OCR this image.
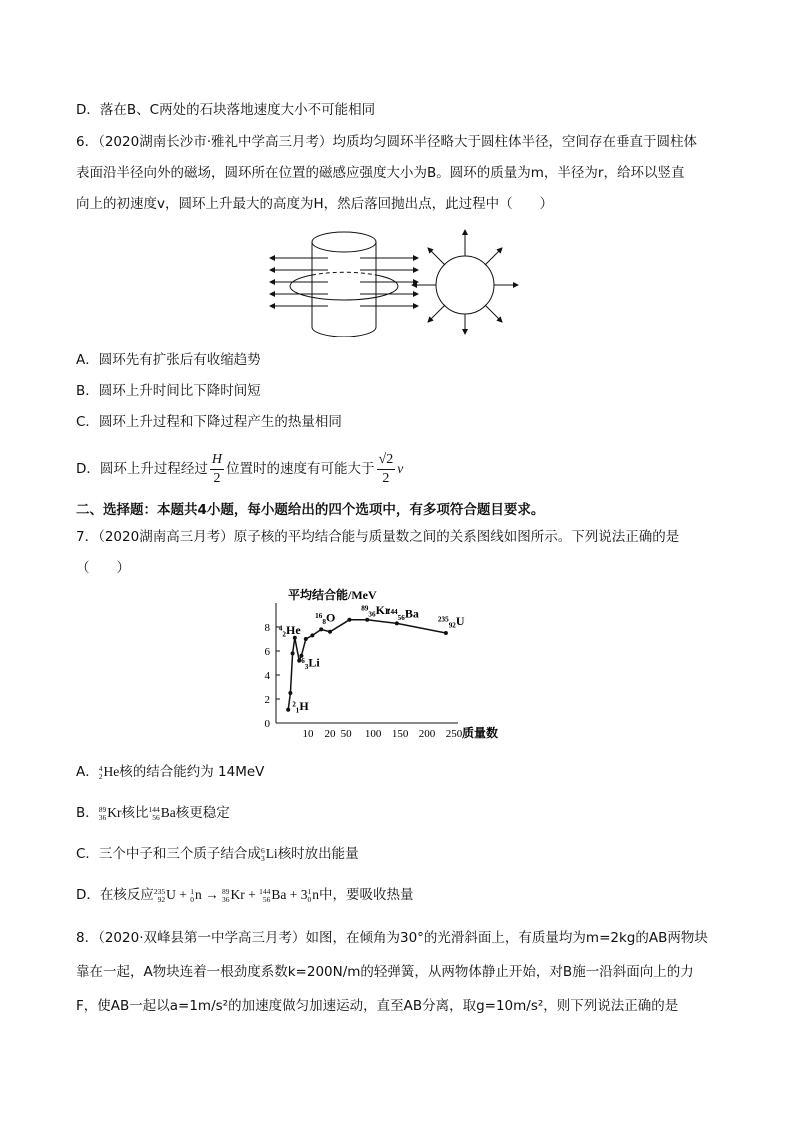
D．落在B、C两处的石块落地速度大小不可能相同
6．（2020湖南长沙市·雅礼中学高三月考）均质均匀圆环半径略大于圆柱体半径，空间存在垂直于圆柱体
表面沿半径向外的磁场，圆环所在位置的磁感应强度大小为B。圆环的质量为m，半径为r，给环以竖直
向上的初速度v，圆环上升最大的高度为H，然后落回抛出点，此过程中（　　）
A．圆环先有扩张后有收缩趋势
B．圆环上升时间比下降时间短
C．圆环上升过程和下降过程产生的热量相同
D．圆环上升过程经过 $\frac{H}{2}$ 位置时的速度有可能大于 $\frac{√2}{2}$ v
二、选择题：本题共4小题，每小题给出的四个选项中，有多项符合题目要求。
7．（2020湖南高三月考）原子核的平均结合能与质量数之间的关系图线如图所示。下列说法正确的是
（　　）
平均结合能/MeV
质量数
0
2
4
6
8
10 20 50 100 150 200 250
²₁H
⁴₂He
⁶₃Li
¹⁶₈O
⁸⁹₃₆Kr
¹⁴⁴₅₆Ba
²³⁵₉₂U
A． 4
2 He核的结合能约为 14MeV
B． 89
36 Kr核比 144
56 Ba核更稳定
C．三个中子和三个质子结合成 6
3 Li核时放出能量
D．在核反应 235
92 U + 1
0 n → 89
36 Kr + 144
56 Ba + 3 1
0 n中，要吸收热量
8．（2020·双峰县第一中学高三月考）如图，在倾角为30°的光滑斜面上，有质量均为m=2kg的AB两物块
靠在一起，A物块连着一根劲度系数k=200N/m的轻弹簧，从两物体静止开始，对B施一沿斜面向上的力
F，使AB一起以a=1m/s²的加速度做匀加速运动，直至AB分离，取g=10m/s²，则下列说法正确的是
